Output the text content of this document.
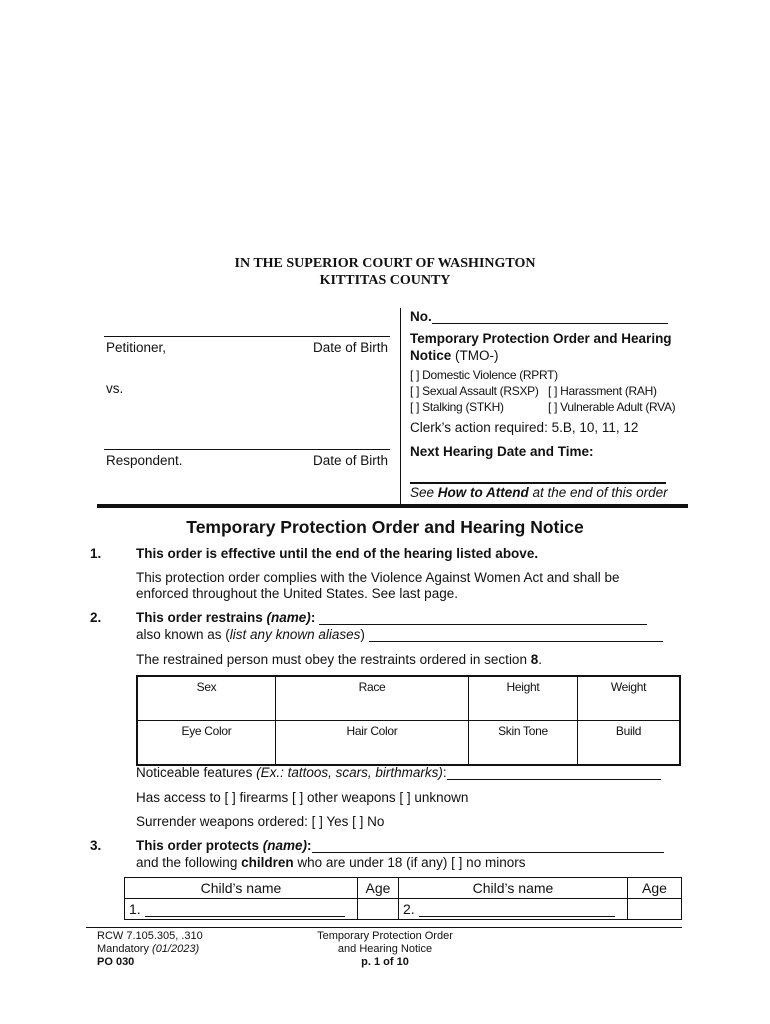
IN THE SUPERIOR COURT OF WASHINGTON
KITTITAS COUNTY
Petitioner,	Date of Birth
vs.
Respondent.	Date of Birth
No.
Temporary Protection Order and Hearing
Notice (TMO-)
[ ] Domestic Violence (RPRT)
[ ] Sexual Assault (RSXP) [ ] Harassment (RAH)
[ ] Stalking (STKH)	[ ] Vulnerable Adult (RVA)
Clerk’s action required: 5.B, 10, 11, 12
Next Hearing Date and Time:
See How to Attend at the end of this order
Temporary Protection Order and Hearing Notice
1.	This order is effective until the end of the hearing listed above.
This protection order complies with the Violence Against Women Act and shall be
enforced throughout the United States. See last page.
2.	This order restrains (name):
also known as (list any known aliases)
The restrained person must obey the restraints ordered in section 8.
Sex	Race	Height	Weight
Eye Color	Hair Color	Skin Tone	Build
Noticeable features (Ex.: tattoos, scars, birthmarks):
Has access to [ ] firearms [ ] other weapons [ ] unknown
Surrender weapons ordered: [ ] Yes [ ] No
3.	This order protects (name):
and the following children who are under 18 (if any) [ ] no minors
Child’s name	Age	Child’s name	Age
1.		2.	
RCW 7.105.305, .310
Mandatory (01/2023)
PO 030
Temporary Protection Order
and Hearing Notice
p. 1 of 10
